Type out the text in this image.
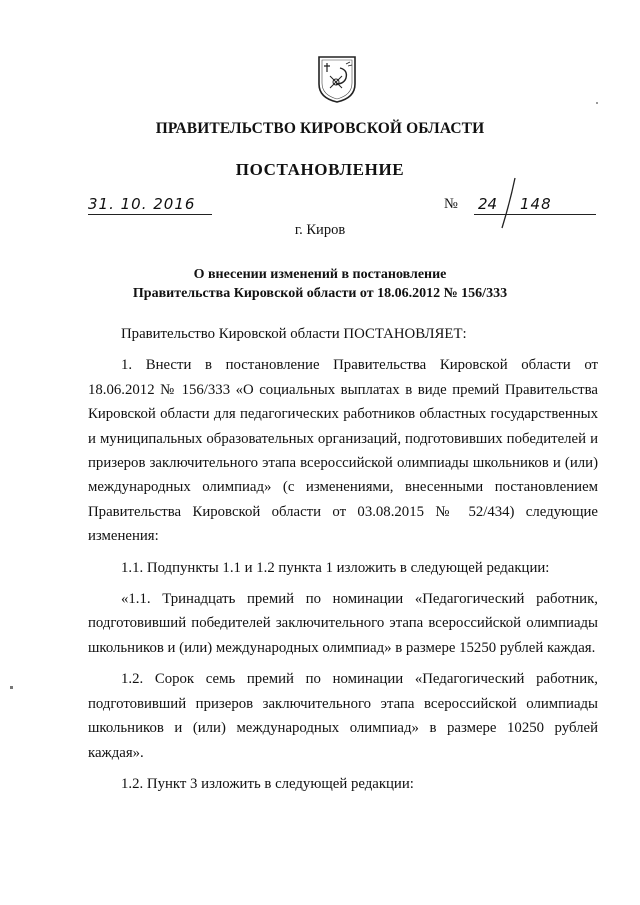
ПРАВИТЕЛЬСТВО КИРОВСКОЙ ОБЛАСТИ
ПОСТАНОВЛЕНИЕ
31. 10. 2016	№ 24 148
г. Киров
О внесении изменений в постановление
Правительства Кировской области от 18.06.2012 № 156/333

Правительство Кировской области ПОСТАНОВЛЯЕТ:

1. Внести в постановление Правительства Кировской области от 18.06.2012 № 156/333 «О социальных выплатах в виде премий Правительства Кировской области для педагогических работников областных государственных и муниципальных образовательных организаций, подготовивших победителей и призеров заключительного этапа всероссийской олимпиады школьников и (или) международных олимпиад» (с изменениями, внесенными постановлением Правительства Кировской области от 03.08.2015 № 52/434) следующие изменения:

1.1. Подпункты 1.1 и 1.2 пункта 1 изложить в следующей редакции:

«1.1. Тринадцать премий по номинации «Педагогический работник, подготовивший победителей заключительного этапа всероссийской олимпиады школьников и (или) международных олимпиад» в размере 15250 рублей каждая.

1.2. Сорок семь премий по номинации «Педагогический работник, подготовивший призеров заключительного этапа всероссийской олимпиады школьников и (или) международных олимпиад» в размере 10250 рублей каждая».

1.2. Пункт 3 изложить в следующей редакции:
